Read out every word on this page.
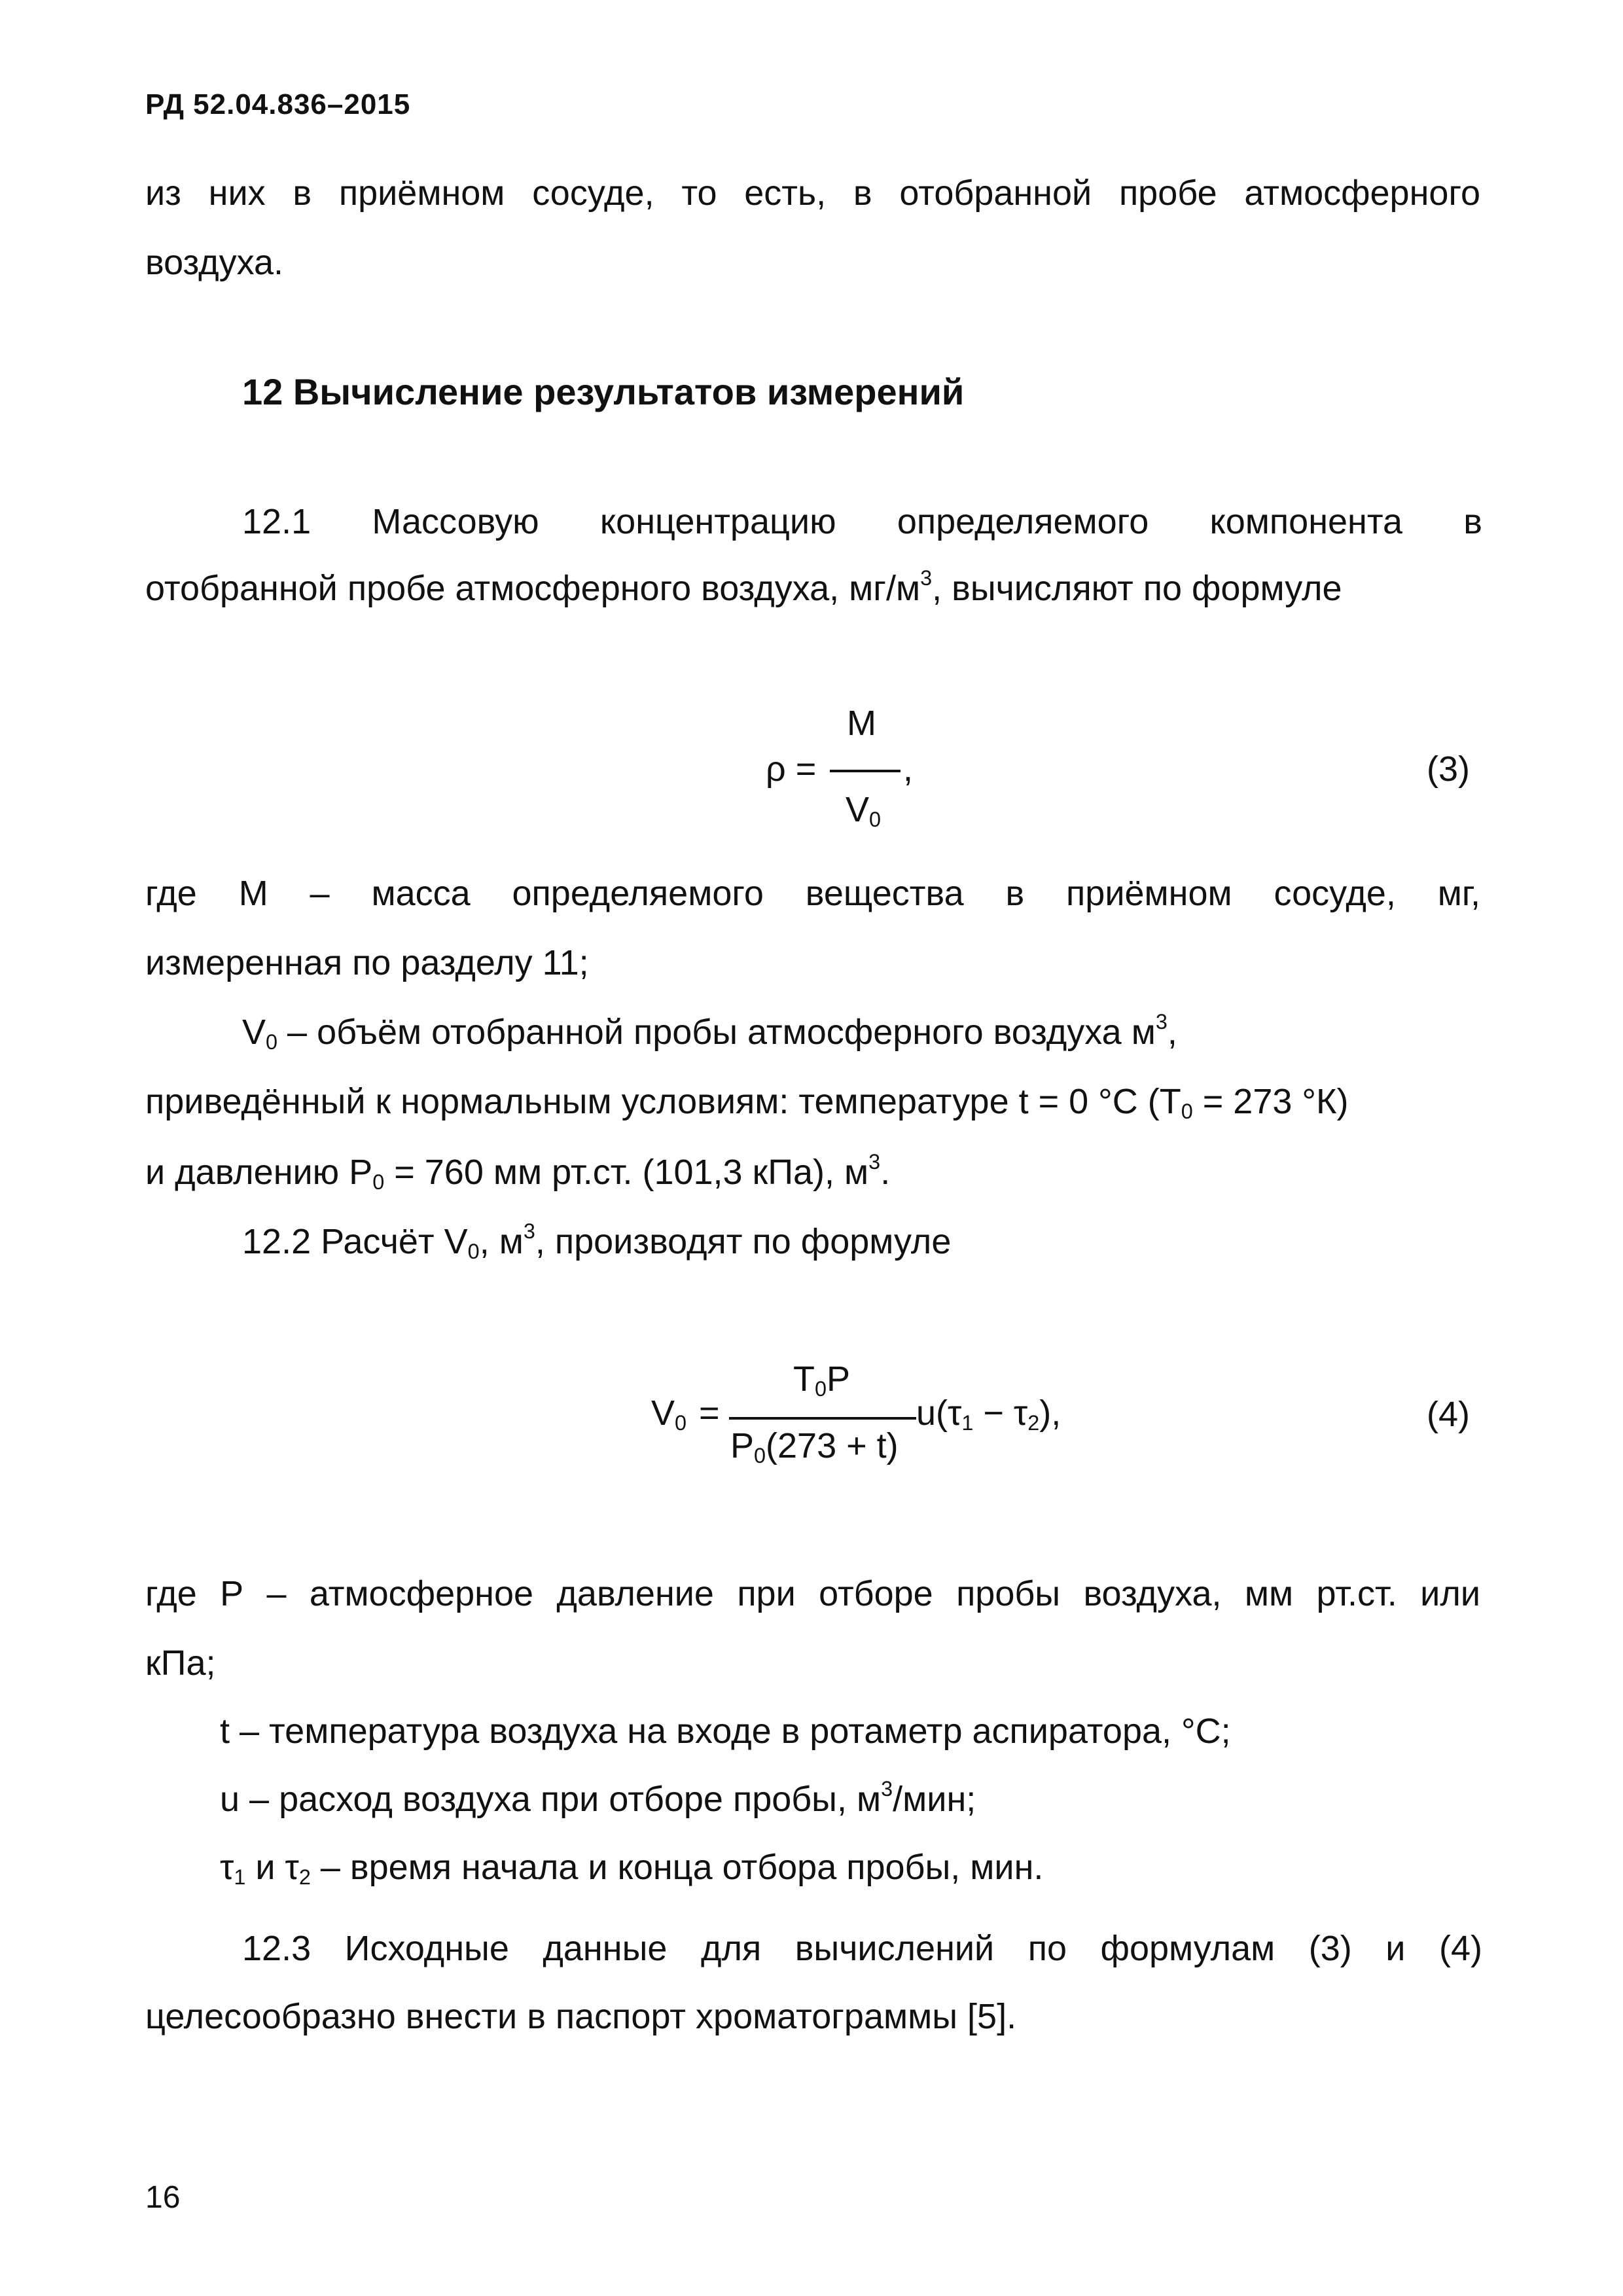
РД 52.04.836–2015
из них в приёмном сосуде, то есть, в отобранной пробе атмосферного
воздуха.
12 Вычисление результатов измерений
12.1 Массовую концентрацию определяемого компонента в
отобранной пробе атмосферного воздуха, $мг/м^3$, вычисляют по формуле
M
ρ = ,
$V_0$
(3)
где M – масса определяемого вещества в приёмном сосуде, мг,
измеренная по разделу 11;
$V_0$ – объём отобранной пробы атмосферного воздуха $м^3$,
приведённый к нормальным условиям: температуре t = 0 °С ($Т_0 = 273$ °К)
и давлению $Р_0 = 760$ мм рт.ст. (101,3 кПа), $м^3$.
12.2 Расчёт $V_0$, $м^3$, производят по формуле
$T_0P$
$V_0$ =
$P_0(273 + t)$
$u(\tau_1 - \tau_2)$,	(4)
где Р – атмосферное давление при отборе пробы воздуха, мм рт.ст. или
кПа;
t – температура воздуха на входе в ротаметр аспиратора, °С;
u – расход воздуха при отборе пробы, $м^3$/мин;
$\tau_1$ и $\tau_2$ – время начала и конца отбора пробы, мин.
12.3 Исходные данные для вычислений по формулам (3) и (4)
целесообразно внести в паспорт хроматограммы [5].
16
